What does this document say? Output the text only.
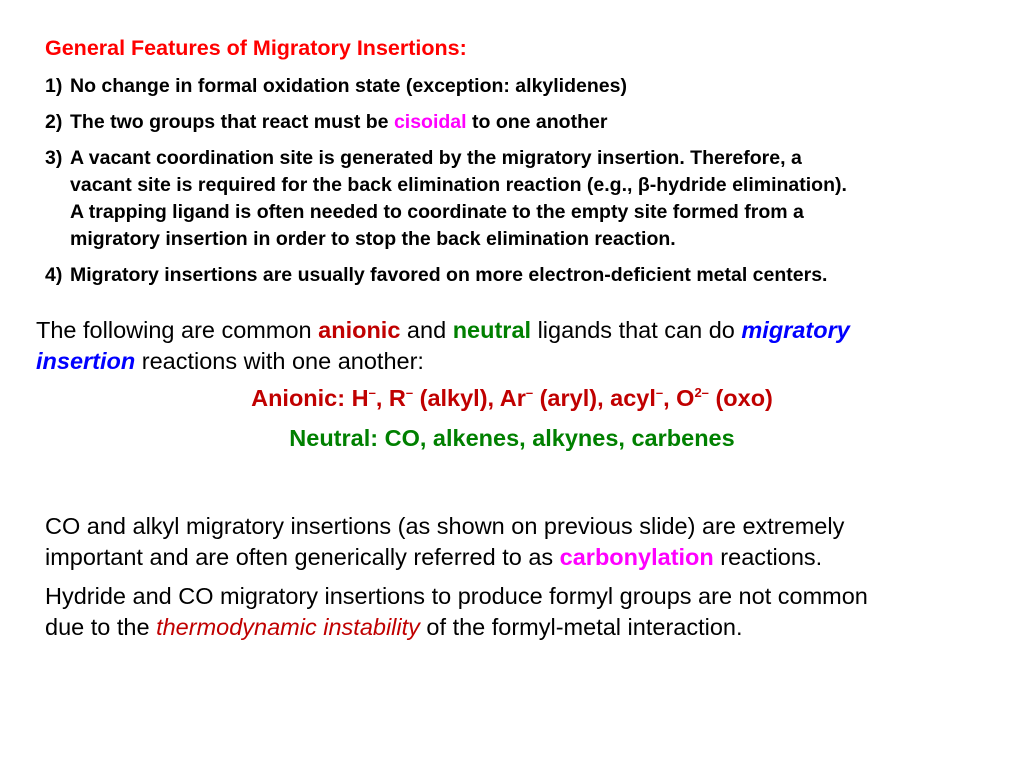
General Features of Migratory Insertions:
1) No change in formal oxidation state (exception: alkylidenes)
2) The two groups that react must be cisoidal to one another
3) A vacant coordination site is generated by the migratory insertion. Therefore, a
vacant site is required for the back elimination reaction (e.g., β-hydride elimination).
A trapping ligand is often needed to coordinate to the empty site formed from a
migratory insertion in order to stop the back elimination reaction.
4) Migratory insertions are usually favored on more electron-deficient metal centers.
The following are common anionic and neutral ligands that can do migratory
insertion reactions with one another:
Anionic: H–, R– (alkyl), Ar– (aryl), acyl–, $O^{2-}$ (oxo)
Neutral: CO, alkenes, alkynes, carbenes
CO and alkyl migratory insertions (as shown on previous slide) are extremely
important and are often generically referred to as carbonylation reactions.
Hydride and CO migratory insertions to produce formyl groups are not common
due to the thermodynamic instability of the formyl-metal interaction.
